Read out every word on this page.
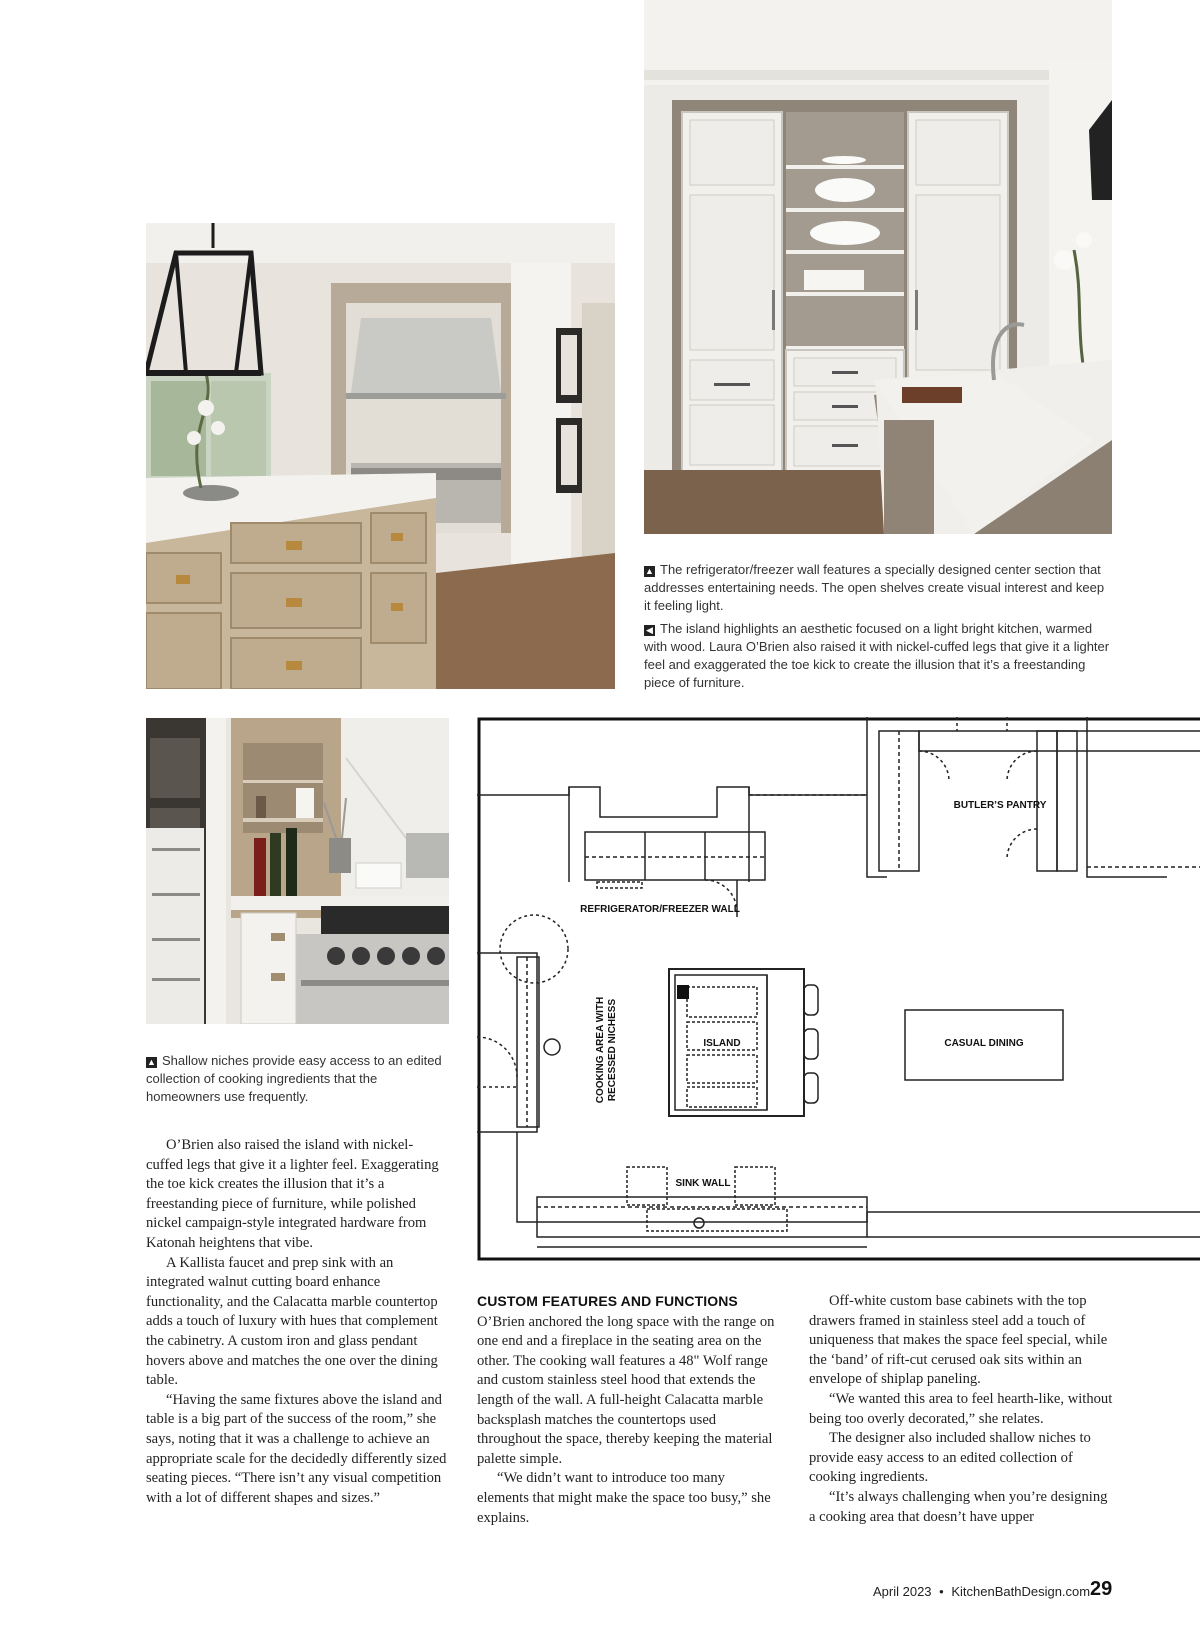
▲ The refrigerator/freezer wall features a specially designed center section that addresses entertaining needs. The open shelves create visual interest and keep it feeling light.

◀ The island highlights an aesthetic focused on a light bright kitchen, warmed with wood. Laura O’Brien also raised it with nickel-cuffed legs that give it a lighter feel and exaggerated the toe kick to create the illusion that it’s a freestanding piece of furniture.

▲ Shallow niches provide easy access to an edited collection of cooking ingredients that the homeowners use frequently.

BUTLER’S PANTRY
REFRIGERATOR/FREEZER WALL
ISLAND	CASUAL DINING
COOKING AREA WITH RECESSED NICHESS
SINK WALL

O’Brien also raised the island with nickel-cuffed legs that give it a lighter feel. Exaggerating the toe kick creates the illusion that it’s a freestanding piece of furniture, while polished nickel campaign-style integrated hardware from Katonah heightens that vibe.

A Kallista faucet and prep sink with an integrated walnut cutting board enhance functionality, and the Calacatta marble countertop adds a touch of luxury with hues that complement the cabinetry. A custom iron and glass pendant hovers above and matches the one over the dining table.

“Having the same fixtures above the island and table is a big part of the success of the room,” she says, noting that it was a challenge to achieve an appropriate scale for the decidedly differently sized seating pieces. “There isn’t any visual competition with a lot of different shapes and sizes.”

CUSTOM FEATURES AND FUNCTIONS

O’Brien anchored the long space with the range on one end and a fireplace in the seating area on the other. The cooking wall features a 48" Wolf range and custom stainless steel hood that extends the length of the wall. A full-height Calacatta marble backsplash matches the countertops used throughout the space, thereby keeping the material palette simple.

“We didn’t want to introduce too many elements that might make the space too busy,” she explains.

Off-white custom base cabinets with the top drawers framed in stainless steel add a touch of uniqueness that makes the space feel special, while the ‘band’ of rift-cut cerused oak sits within an envelope of shiplap paneling.

“We wanted this area to feel hearth-like, without being too overly decorated,” she relates.

The designer also included shallow niches to provide easy access to an edited collection of cooking ingredients.

“It’s always challenging when you’re designing a cooking area that doesn’t have upper

April 2023 • KitchenBathDesign.com 29
